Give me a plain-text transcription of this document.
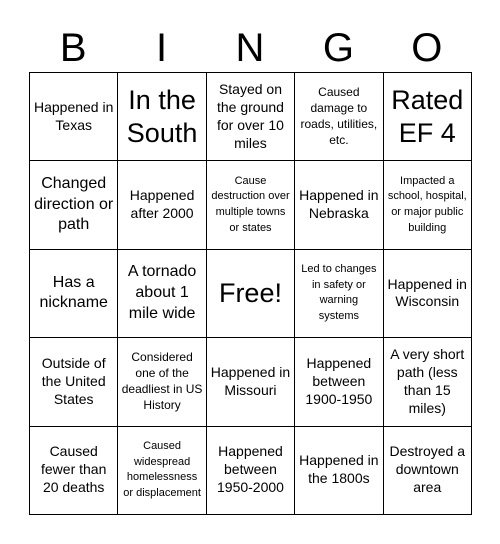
B	I	N	G	O
Happened in Texas
In the South
Stayed on the ground for over 10 miles
Caused damage to roads, utilities, etc.
Rated EF 4
Changed direction or path
Happened after 2000
Cause destruction over multiple towns or states
Happened in Nebraska
Impacted a school, hospital, or major public building
Has a nickname
A tornado about 1 mile wide
Free!
Led to changes in safety or warning systems
Happened in Wisconsin
Outside of the United States
Considered one of the deadliest in US History
Happened in Missouri
Happened between 1900-1950
A very short path (less than 15 miles)
Caused fewer than 20 deaths
Caused widespread homelessness or displacement
Happened between 1950-2000
Happened in the 1800s
Destroyed a downtown area
